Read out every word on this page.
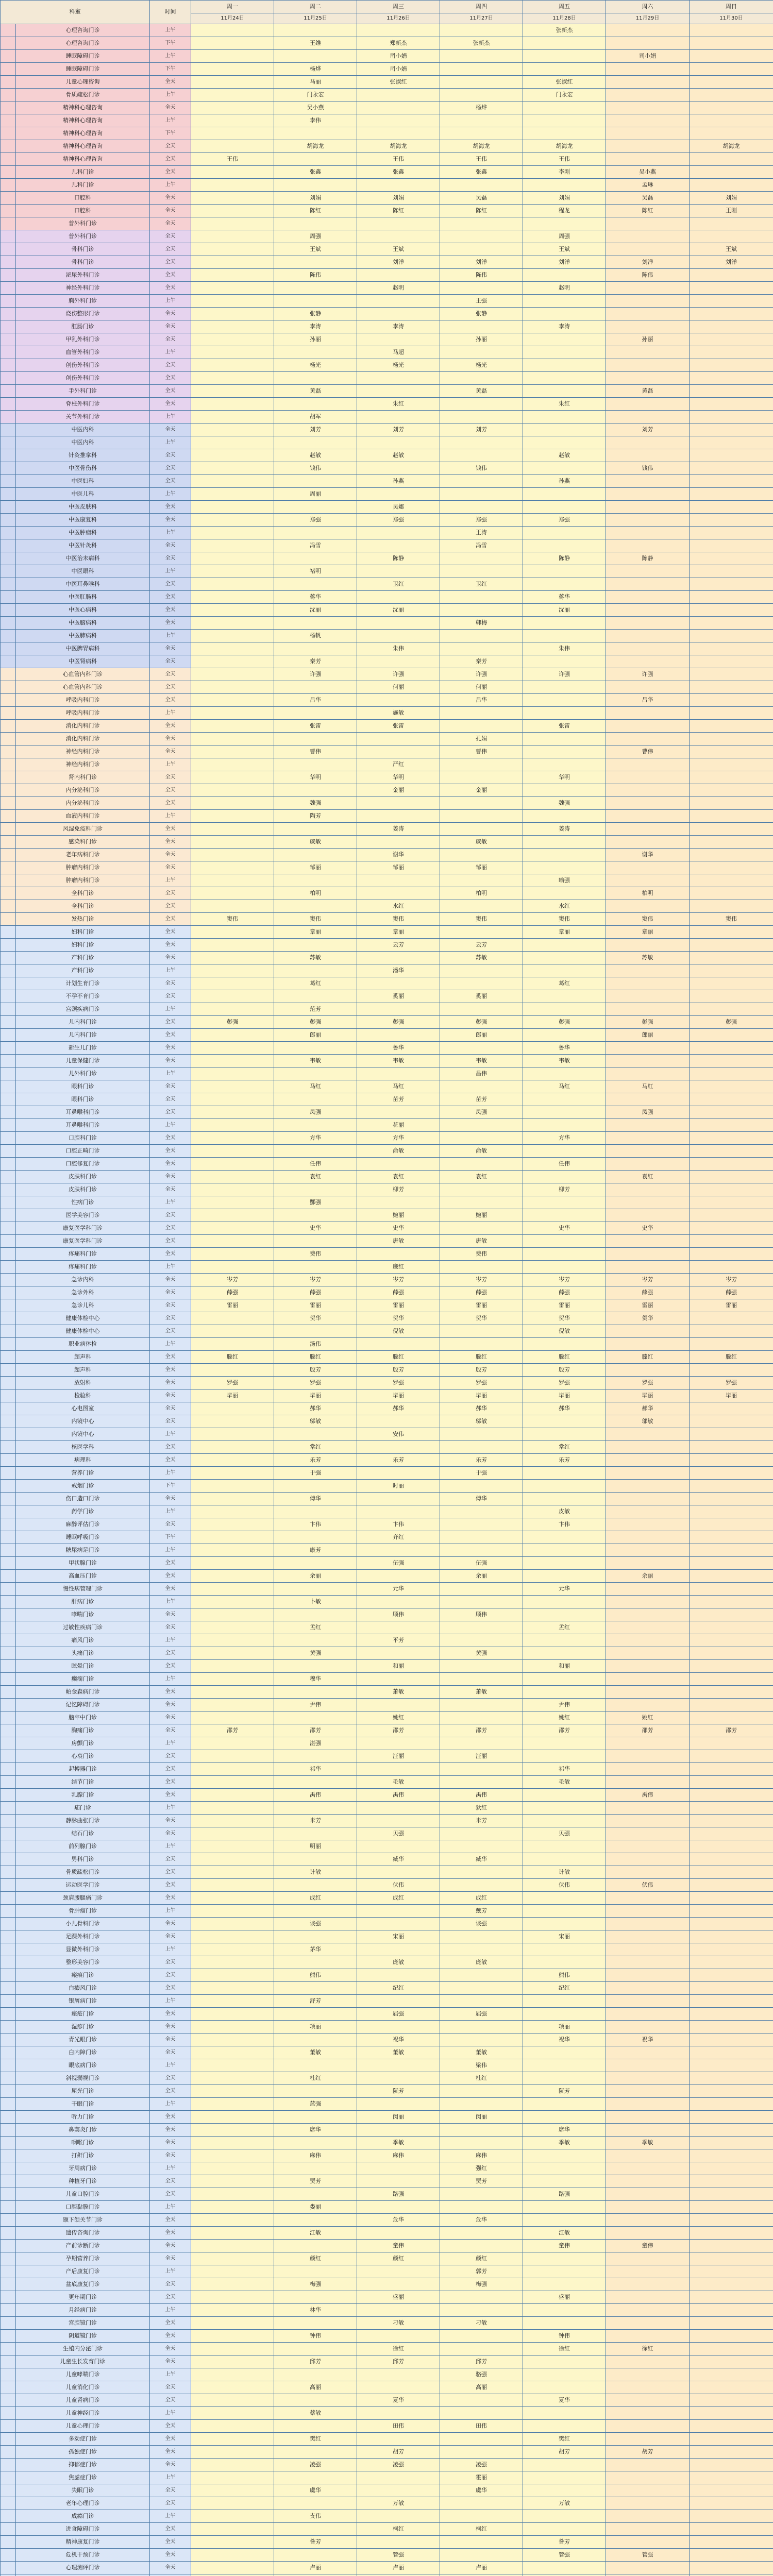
科室		时间	周一	周二	周三	周四	周五	周六	周日
			11月24日	11月25日	11月26日	11月27日	11月28日	11月29日	11月30日
	心理咨询门诊	上午					张新杰		
	心理咨询门诊	下午		王维	郑新杰	张新杰			
	睡眠障碍门诊	上午			司小娟			司小娟	
	睡眠障碍门诊	下午		杨烨	司小娟				
	儿童心理咨询	全天		马丽	张淑红		张淑红		
	骨质疏松门诊	上午		门永宏			门永宏		
	精神科心理咨询	全天		吴小燕		杨烨			
	精神科心理咨询	上午		李伟					
	精神科心理咨询	下午							
	精神科心理咨询	全天		胡海龙	胡海龙	胡海龙	胡海龙		胡海龙
	精神科心理咨询	全天	王伟		王伟	王伟	王伟		
	儿科门诊	全天		张鑫	张鑫	张鑫	李刚	吴小燕	
	儿科门诊	上午						孟琳	
	口腔科	全天		刘娟	刘娟	吴磊	刘娟	吴磊	刘娟
	口腔科	全天		陈红	陈红	陈红	程龙	陈红	王刚
	普外科门诊	全天							
	普外科门诊	全天		周强			周强		
	骨科门诊	全天		王斌	王斌		王斌		王斌
	骨科门诊	全天			刘洋	刘洋	刘洋	刘洋	刘洋
	泌尿外科门诊	全天		陈伟		陈伟		陈伟	
	神经外科门诊	全天			赵明		赵明		
	胸外科门诊	上午				王强			
	烧伤整形门诊	全天		张静		张静			
	肛肠门诊	全天		李涛	李涛		李涛		
	甲乳外科门诊	全天		孙丽		孙丽		孙丽	
	血管外科门诊	上午			马超				
	创伤外科门诊	全天		杨光	杨光	杨光			
	创伤外科门诊	全天							
	手外科门诊	全天		黄磊		黄磊		黄磊	
	脊柱外科门诊	全天			朱红		朱红		
	关节外科门诊	上午		胡军					
	中医内科	全天		刘芳	刘芳	刘芳		刘芳	
	中医内科	上午							
	针灸推拿科	全天		赵敏	赵敏		赵敏		
	中医骨伤科	全天		钱伟		钱伟		钱伟	
	中医妇科	全天			孙燕		孙燕		
	中医儿科	上午		周丽					
	中医皮肤科	全天			吴娜				
	中医康复科	全天		郑强	郑强	郑强	郑强		
	中医肿瘤科	上午				王涛			
	中医针灸科	全天		冯雪		冯雪			
	中医治未病科	全天			陈静		陈静	陈静	
	中医眼科	上午		褚明					
	中医耳鼻喉科	全天			卫红	卫红			
	中医肛肠科	全天		蒋华			蒋华		
	中医心病科	全天		沈丽	沈丽		沈丽		
	中医脑病科	全天				韩梅			
	中医肺病科	上午		杨帆					
	中医脾胃病科	全天			朱伟		朱伟		
	中医肾病科	全天		秦芳		秦芳			
	心血管内科门诊	全天		许强	许强	许强	许强	许强	
	心血管内科门诊	全天			何丽	何丽			
	呼吸内科门诊	全天		吕华		吕华		吕华	
	呼吸内科门诊	上午			施敏				
	消化内科门诊	全天		张雷	张雷		张雷		
	消化内科门诊	全天				孔娟			
	神经内科门诊	全天		曹伟		曹伟		曹伟	
	神经内科门诊	上午			严红				
	肾内科门诊	全天		华明	华明		华明		
	内分泌科门诊	全天			金丽	金丽			
	内分泌科门诊	全天		魏强			魏强		
	血液内科门诊	上午		陶芳					
	风湿免疫科门诊	全天			姜涛		姜涛		
	感染科门诊	全天		戚敏		戚敏			
	老年病科门诊	全天			谢华			谢华	
	肿瘤内科门诊	全天		邹丽	邹丽	邹丽			
	肿瘤内科门诊	上午					喻强		
	全科门诊	全天		柏明		柏明		柏明	
	全科门诊	全天			水红		水红		
	发热门诊	全天	窦伟	窦伟	窦伟	窦伟	窦伟	窦伟	窦伟
	妇科门诊	全天		章丽	章丽		章丽	章丽	
	妇科门诊	全天			云芳	云芳			
	产科门诊	全天		苏敏		苏敏		苏敏	
	产科门诊	上午			潘华				
	计划生育门诊	全天		葛红			葛红		
	不孕不育门诊	全天			奚丽	奚丽			
	宫颈疾病门诊	上午		范芳					
	儿内科门诊	全天	彭强	彭强	彭强	彭强	彭强	彭强	彭强
	儿内科门诊	全天		郎丽		郎丽		郎丽	
	新生儿门诊	全天			鲁华		鲁华		
	儿童保健门诊	全天		韦敏	韦敏	韦敏	韦敏		
	儿外科门诊	上午				昌伟			
	眼科门诊	全天		马红	马红		马红	马红	
	眼科门诊	全天			苗芳	苗芳			
	耳鼻喉科门诊	全天		凤强		凤强		凤强	
	耳鼻喉科门诊	上午			花丽				
	口腔科门诊	全天		方华	方华		方华		
	口腔正畸门诊	全天			俞敏	俞敏			
	口腔修复门诊	全天		任伟			任伟		
	皮肤科门诊	全天		袁红	袁红	袁红		袁红	
	皮肤科门诊	全天			柳芳		柳芳		
	性病门诊	上午		酆强					
	医学美容门诊	全天			鲍丽	鲍丽			
	康复医学科门诊	全天		史华	史华		史华	史华	
	康复医学科门诊	全天			唐敏	唐敏			
	疼痛科门诊	全天		费伟		费伟			
	疼痛科门诊	上午			廉红				
	急诊内科	全天	岑芳	岑芳	岑芳	岑芳	岑芳	岑芳	岑芳
	急诊外科	全天	薛强	薛强	薛强	薛强	薛强	薛强	薛强
	急诊儿科	全天	雷丽	雷丽	雷丽	雷丽	雷丽	雷丽	雷丽
	健康体检中心	全天		贺华	贺华	贺华	贺华	贺华	
	健康体检中心	全天			倪敏		倪敏		
	职业病体检	上午		汤伟					
	超声科	全天	滕红	滕红	滕红	滕红	滕红	滕红	滕红
	超声科	全天		殷芳	殷芳	殷芳	殷芳		
	放射科	全天	罗强	罗强	罗强	罗强	罗强	罗强	罗强
	检验科	全天	毕丽	毕丽	毕丽	毕丽	毕丽	毕丽	毕丽
	心电图室	全天		郝华	郝华	郝华	郝华	郝华	
	内镜中心	全天		邬敏		邬敏		邬敏	
	内镜中心	上午			安伟				
	核医学科	全天		常红			常红		
	病理科	全天		乐芳	乐芳	乐芳	乐芳		
	营养门诊	上午		于强		于强			
	戒烟门诊	下午			时丽				
	伤口造口门诊	全天		傅华		傅华			
	药学门诊	上午					皮敏		
	麻醉评估门诊	全天		卞伟	卞伟		卞伟		
	睡眠呼吸门诊	下午			齐红				
	糖尿病足门诊	上午		康芳					
	甲状腺门诊	全天			伍强	伍强			
	高血压门诊	全天		余丽		余丽		余丽	
	慢性病管理门诊	全天			元华		元华		
	肝病门诊	上午		卜敏					
	哮喘门诊	全天			顾伟	顾伟			
	过敏性疾病门诊	全天		孟红			孟红		
	痛风门诊	上午			平芳				
	头痛门诊	全天		黄强		黄强			
	眩晕门诊	全天			和丽		和丽		
	癫痫门诊	上午		穆华					
	帕金森病门诊	全天			萧敏	萧敏			
	记忆障碍门诊	全天		尹伟			尹伟		
	脑卒中门诊	全天			姚红		姚红	姚红	
	胸痛门诊	全天	邵芳	邵芳	邵芳	邵芳	邵芳	邵芳	邵芳
	房颤门诊	上午		湛强					
	心衰门诊	全天			汪丽	汪丽			
	起搏器门诊	全天		祁华			祁华		
	结节门诊	全天			毛敏		毛敏		
	乳腺门诊	全天		禹伟	禹伟	禹伟		禹伟	
	疝门诊	上午				狄红			
	静脉曲张门诊	全天		米芳		米芳			
	结石门诊	全天			贝强		贝强		
	前列腺门诊	上午		明丽					
	男科门诊	全天			臧华	臧华			
	骨质疏松门诊	全天		计敏			计敏		
	运动医学门诊	全天			伏伟		伏伟	伏伟	
	颈肩腰腿痛门诊	全天		成红	成红	成红			
	骨肿瘤门诊	上午				戴芳			
	小儿骨科门诊	全天		谈强		谈强			
	足踝外科门诊	全天			宋丽		宋丽		
	显微外科门诊	上午		茅华					
	整形美容门诊	全天			庞敏	庞敏			
	瘢痕门诊	全天		熊伟			熊伟		
	白癜风门诊	全天			纪红		纪红		
	银屑病门诊	上午		舒芳					
	痤疮门诊	全天			屈强	屈强			
	湿疹门诊	全天		项丽			项丽		
	青光眼门诊	全天			祝华		祝华	祝华	
	白内障门诊	全天		董敏	董敏	董敏			
	眼底病门诊	上午				梁伟			
	斜视弱视门诊	全天		杜红		杜红			
	屈光门诊	全天			阮芳		阮芳		
	干眼门诊	上午		蓝强					
	听力门诊	全天			闵丽	闵丽			
	鼻窦炎门诊	全天		席华			席华		
	咽喉门诊	全天			季敏		季敏	季敏	
	打鼾门诊	全天		麻伟	麻伟	麻伟			
	牙周病门诊	上午				强红			
	种植牙门诊	全天		贾芳		贾芳			
	儿童口腔门诊	全天			路强		路强		
	口腔黏膜门诊	上午		娄丽					
	颞下颌关节门诊	全天			危华	危华			
	遗传咨询门诊	全天		江敏			江敏		
	产前诊断门诊	全天			童伟		童伟	童伟	
	孕期营养门诊	全天		颜红	颜红	颜红			
	产后康复门诊	上午				郭芳			
	盆底康复门诊	全天		梅强		梅强			
	更年期门诊	全天			盛丽		盛丽		
	月经病门诊	上午		林华					
	宫腔镜门诊	全天			刁敏	刁敏			
	阴道镜门诊	全天		钟伟			钟伟		
	生殖内分泌门诊	全天			徐红		徐红	徐红	
	儿童生长发育门诊	全天		邱芳	邱芳	邱芳			
	儿童哮喘门诊	上午				骆强			
	儿童消化门诊	全天		高丽		高丽			
	儿童肾病门诊	全天			夏华		夏华		
	儿童神经门诊	上午		蔡敏					
	儿童心理门诊	全天			田伟	田伟			
	多动症门诊	全天		樊红			樊红		
	孤独症门诊	全天			胡芳		胡芳	胡芳	
	抑郁症门诊	全天		凌强	凌强	凌强			
	焦虑症门诊	上午				霍丽			
	失眠门诊	全天		虞华		虞华			
	老年心理门诊	全天			万敏		万敏		
	成瘾门诊	上午		支伟					
	进食障碍门诊	全天			柯红	柯红			
	精神康复门诊	全天		昝芳			昝芳		
	危机干预门诊	全天			管强		管强	管强	
	心理测评门诊	全天		卢丽	卢丽	卢丽			
